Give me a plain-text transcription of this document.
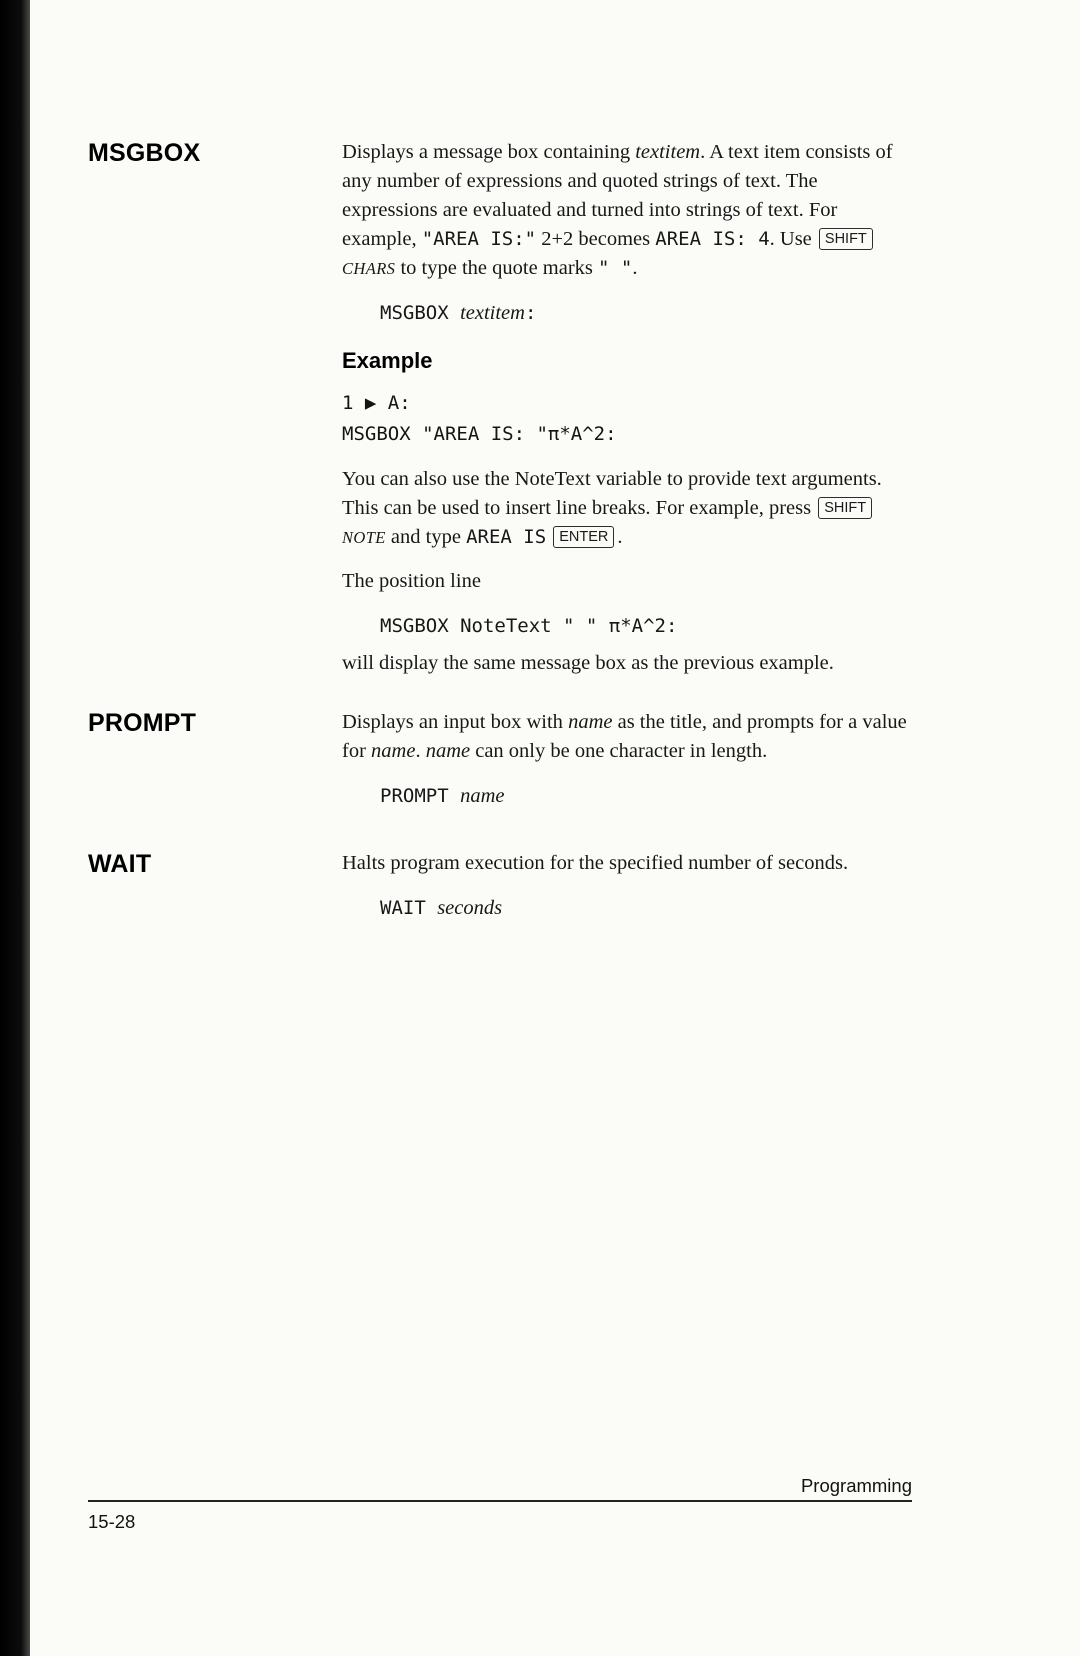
MSGBOX	Displays a message box containing textitem. A text item consists of any number of expressions and quoted strings of text. The expressions are evaluated and turned into strings of text. For example, "AREA IS:" 2+2 becomes AREA IS: 4. Use SHIFTCHARS to type the quote marks " ".

MSGBOX textitem:

Example
1 ▶ A:
MSGBOX "AREA IS: "π*A^2:

You can also use the NoteText variable to provide text arguments. This can be used to insert line breaks. For example, press SHIFTNOTE and type AREA IS ENTER .

The position line

MSGBOX NoteText " " π*A^2:

will display the same message box as the previous example.

PROMPT	Displays an input box with name as the title, and prompts for a value for name. name can only be one character in length.

PROMPT name

WAIT	Halts program execution for the specified number of seconds.

WAIT seconds

Programming
15-28
